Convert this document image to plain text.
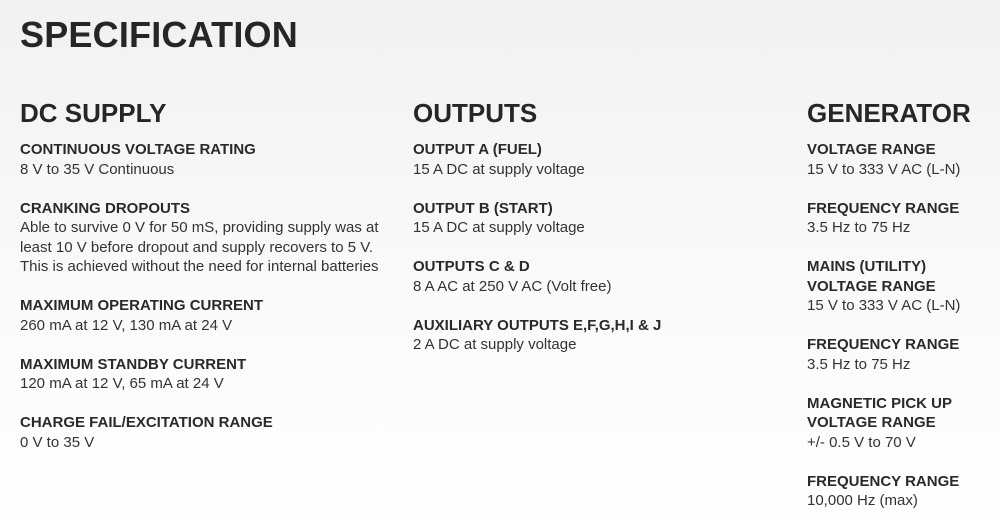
SPECIFICATION
DC SUPPLY
CONTINUOUS VOLTAGE RATING
8 V to 35 V Continuous
CRANKING DROPOUTS
Able to survive 0 V for 50 mS, providing supply was at least 10 V before dropout and supply recovers to 5 V. This is achieved without the need for internal batteries
MAXIMUM OPERATING CURRENT
260 mA at 12 V, 130 mA at 24 V
MAXIMUM STANDBY CURRENT
120 mA at 12 V, 65 mA at 24 V
CHARGE FAIL/EXCITATION RANGE
0 V to 35 V
OUTPUTS
OUTPUT A (FUEL)
15 A DC at supply voltage
OUTPUT B (START)
15 A DC at supply voltage
OUTPUTS C & D
8 A AC at 250 V AC (Volt free)
AUXILIARY OUTPUTS E,F,G,H,I & J
2 A DC at supply voltage
GENERATOR
VOLTAGE RANGE
15 V to 333 V AC (L-N)
FREQUENCY RANGE
3.5 Hz to 75 Hz
MAINS (UTILITY)
VOLTAGE RANGE
15 V to 333 V AC (L-N)
FREQUENCY RANGE
3.5 Hz to 75 Hz
MAGNETIC PICK UP
VOLTAGE RANGE
+/- 0.5 V to 70 V
FREQUENCY RANGE
10,000 Hz (max)
